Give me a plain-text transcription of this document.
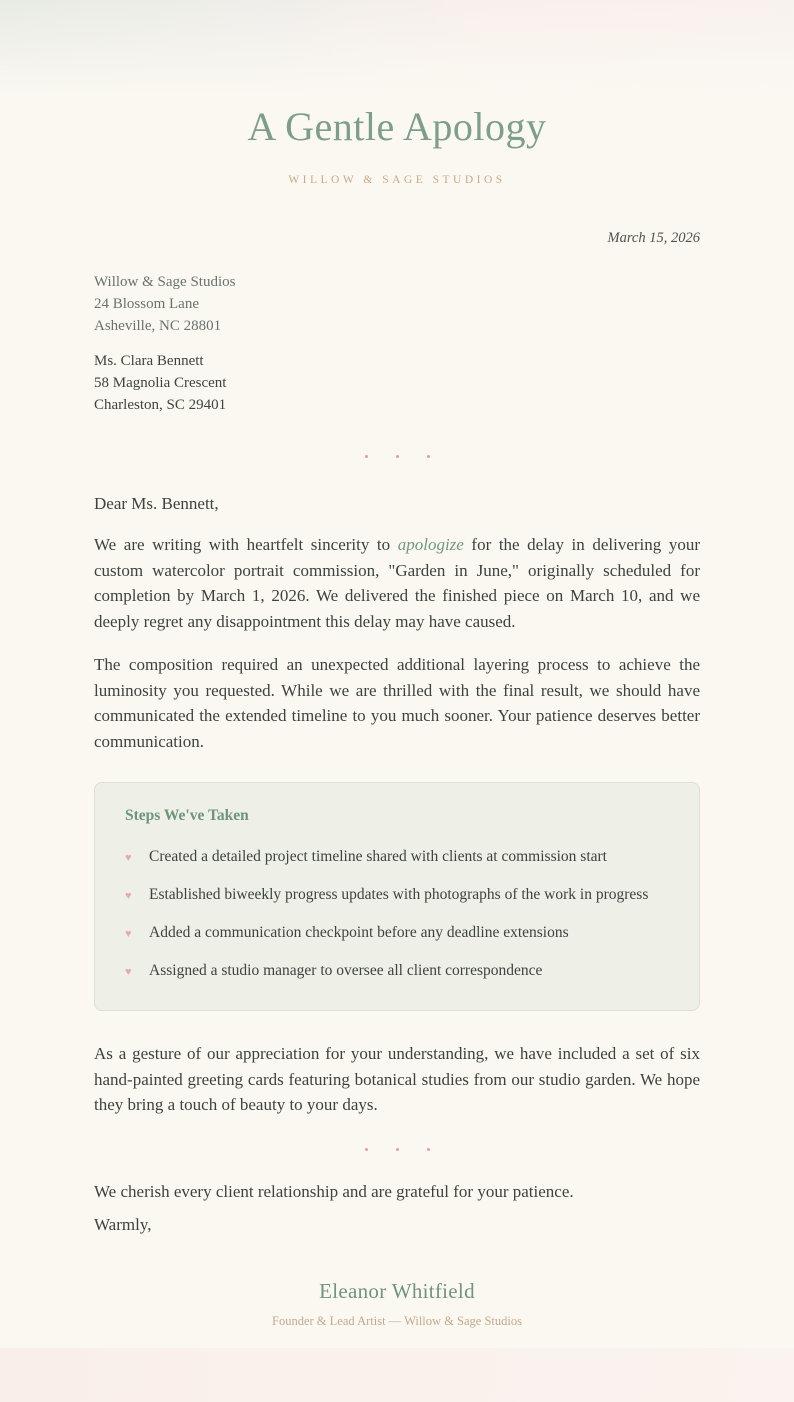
A Gentle Apology
WILLOW & SAGE STUDIOS
March 15, 2026
Willow & Sage Studios
24 Blossom Lane
Asheville, NC 28801
Ms. Clara Bennett
58 Magnolia Crescent
Charleston, SC 29401

Dear Ms. Bennett,

We are writing with heartfelt sincerity to apologize for the delay in delivering your custom watercolor portrait commission, "Garden in June," originally scheduled for completion by March 1, 2026. We delivered the finished piece on March 10, and we deeply regret any disappointment this delay may have caused.

The composition required an unexpected additional layering process to achieve the luminosity you requested. While we are thrilled with the final result, we should have communicated the extended timeline to you much sooner. Your patience deserves better communication.

Steps We've Taken
♥	Created a detailed project timeline shared with clients at commission start
♥	Established biweekly progress updates with photographs of the work in progress
♥	Added a communication checkpoint before any deadline extensions
♥	Assigned a studio manager to oversee all client correspondence

As a gesture of our appreciation for your understanding, we have included a set of six hand-painted greeting cards featuring botanical studies from our studio garden. We hope they bring a touch of beauty to your days.

We cherish every client relationship and are grateful for your patience.

Warmly,

Eleanor Whitfield
Founder & Lead Artist — Willow & Sage Studios
